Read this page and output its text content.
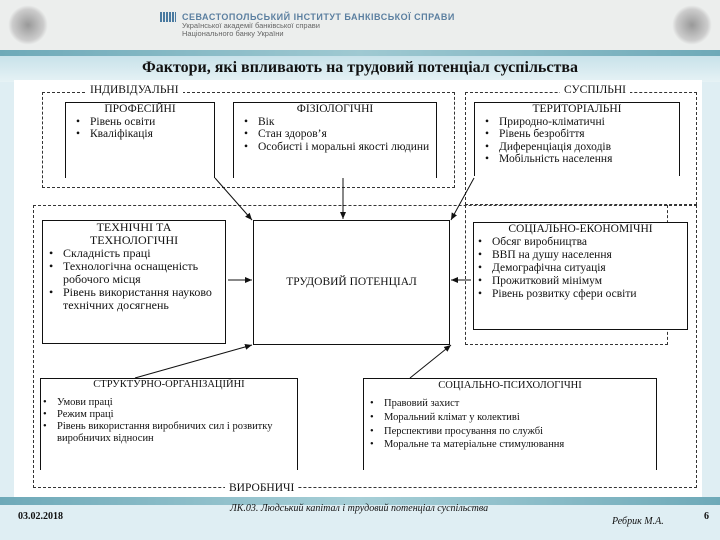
СЕВАСТОПОЛЬСЬКИЙ ІНСТИТУТ БАНКІВСЬКОЇ СПРАВИ
Української академії банківської справи
Національного банку України
Фактори, які впливають на трудовий потенціал суспільства
ІНДИВІДУАЛЬНІ	СУСПІЛЬНІ
ВИРОБНИЧІ
ПРОФЕСІЙНІ
• Рівень освіти
• Кваліфікація
ФІЗІОЛОГІЧНІ
• Вік
• Стан здоров’я
• Особисті і моральні якості людини
ТЕРИТОРІАЛЬНІ
• Природно-кліматичні
• Рівень безробіття
• Диференціація доходів
• Мобільність населення
ТЕХНІЧНІ ТА ТЕХНОЛОГІЧНІ
• Складність праці
• Технологічна оснащеність робочого місця
• Рівень використання науково технічних досягнень
ТРУДОВИЙ ПОТЕНЦІАЛ
СОЦІАЛЬНО-ЕКОНОМІЧНІ
• Обсяг виробництва
• ВВП на душу населення
• Демографічна ситуація
• Прожитковий мінімум
• Рівень розвитку сфери освіти
СТРУКТУРНО-ОРГАНІЗАЦІЙНІ
• Умови праці
• Режим праці
• Рівень використання виробничих сил і розвитку виробничих відносин
СОЦІАЛЬНО-ПСИХОЛОГІЧНІ
• Правовий захист
• Моральний клімат у колективі
• Перспективи просування по службі
• Моральне та матеріальне стимулювання
03.02.2018
ЛК.03. Людський капітал і трудовий потенціал суспільства
Ребрик М.А.	6
